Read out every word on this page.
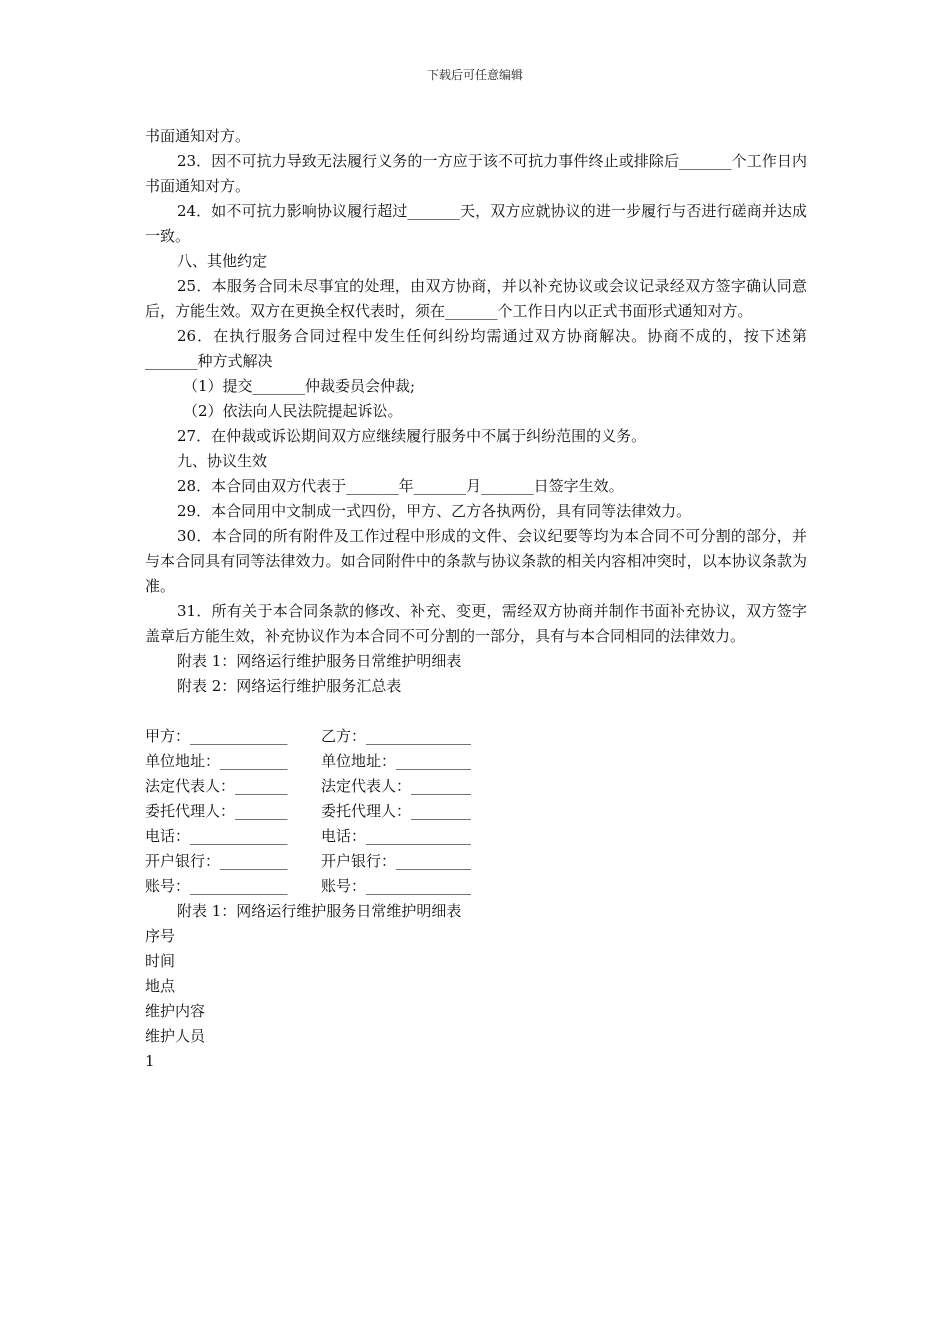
下载后可任意编辑

书面通知对方。

23．因不可抗力导致无法履行义务的一方应于该不可抗力事件终止或排除后_______个工作日内书面通知对方。

24．如不可抗力影响协议履行超过_______天，双方应就协议的进一步履行与否进行磋商并达成一致。

八、其他约定

25．本服务合同未尽事宜的处理，由双方协商，并以补充协议或会议记录经双方签字确认同意后，方能生效。双方在更换全权代表时，须在_______个工作日内以正式书面形式通知对方。

26．在执行服务合同过程中发生任何纠纷均需通过双方协商解决。协商不成的，按下述第_______种方式解决

（1）提交_______仲裁委员会仲裁;

（2）依法向人民法院提起诉讼。

27．在仲裁或诉讼期间双方应继续履行服务中不属于纠纷范围的义务。

九、协议生效

28．本合同由双方代表于_______年_______月_______日签字生效。

29．本合同用中文制成一式四份，甲方、乙方各执两份，具有同等法律效力。

30．本合同的所有附件及工作过程中形成的文件、会议纪要等均为本合同不可分割的部分，并与本合同具有同等法律效力。如合同附件中的条款与协议条款的相关内容相冲突时，以本协议条款为准。

31．所有关于本合同条款的修改、补充、变更，需经双方协商并制作书面补充协议，双方签字盖章后方能生效，补充协议作为本合同不可分割的一部分，具有与本合同相同的法律效力。

附表 1：网络运行维护服务日常维护明细表

附表 2：网络运行维护服务汇总表

甲方：_____________	乙方：______________
单位地址：_________	单位地址：__________
法定代表人：_______	法定代表人：________
委托代理人：_______	委托代理人：________
电话：_____________	电话：______________
开户银行：_________	开户银行：__________
账号：_____________	账号：______________

附表 1：网络运行维护服务日常维护明细表

序号

时间

地点

维护内容

维护人员

1
